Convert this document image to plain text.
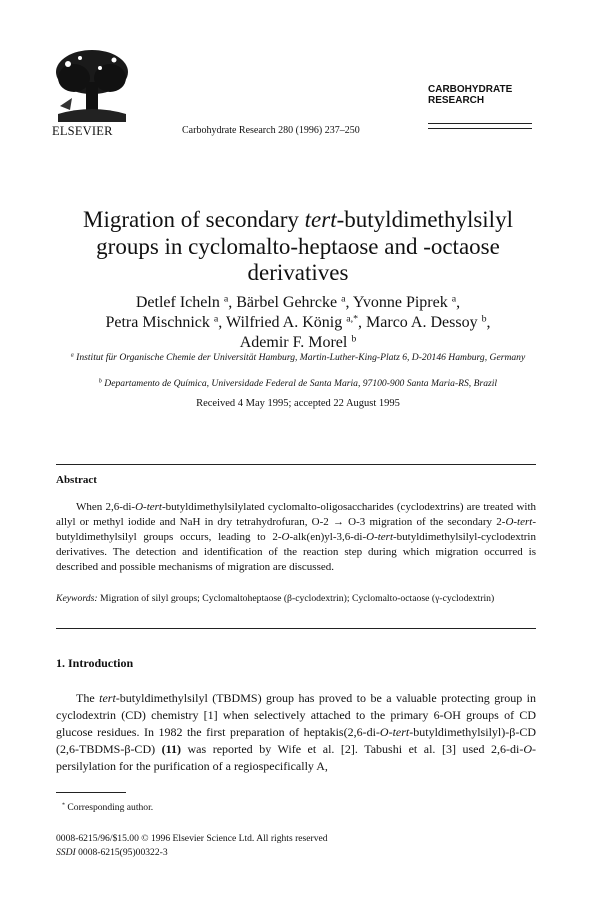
ELSEVIER	Carbohydrate Research 280 (1996) 237–250
CARBOHYDRATE
RESEARCH
Migration of secondary tert-butyldimethylsilyl
groups in cyclomalto-heptaose and -octaose
derivatives
Detlef Icheln $^a$, Bärbel Gehrcke $^a$, Yvonne Piprek $^a$,
Petra Mischnick $^a$, Wilfried A. König $^{a,*}$, Marco A. Dessoy $^b$,
Ademir F. Morel $^b$
$^a$ Institut für Organische Chemie der Universität Hamburg, Martin-Luther-King-Platz 6, D-20146 Hamburg, Germany
$^b$ Departamento de Química, Universidade Federal de Santa Maria, 97100-900 Santa Maria-RS, Brazil
Received 4 May 1995; accepted 22 August 1995
Abstract
When 2,6-di-O-tert-butyldimethylsilylated cyclomalto-oligosaccharides (cyclodextrins) are treated with allyl or methyl iodide and NaH in dry tetrahydrofuran, O-2 → O-3 migration of the secondary 2-O-tert-butyldimethylsilyl groups occurs, leading to 2-O-alk(en)yl-3,6-di-O-tert-butyldimethylsilyl-cyclodextrin derivatives. The detection and identification of the reaction step during which migration occurred is described and possible mechanisms of migration are discussed.
Keywords: Migration of silyl groups; Cyclomaltoheptaose (β-cyclodextrin); Cyclomalto-octaose (γ-cyclodextrin)
1. Introduction
The tert-butyldimethylsilyl (TBDMS) group has proved to be a valuable protecting group in cyclodextrin (CD) chemistry [1] when selectively attached to the primary 6-OH groups of CD glucose residues. In 1982 the first preparation of heptakis(2,6-di-O-tert-butyldimethylsilyl)-β-CD (2,6-TBDMS-β-CD) (11) was reported by Wife et al. [2]. Tabushi et al. [3] used 2,6-di-O-persilylation for the purification of a regiospecifically A,
* Corresponding author.
0008-6215/96/$15.00 © 1996 Elsevier Science Ltd. All rights reserved
SSDI 0008-6215(95)00322-3
